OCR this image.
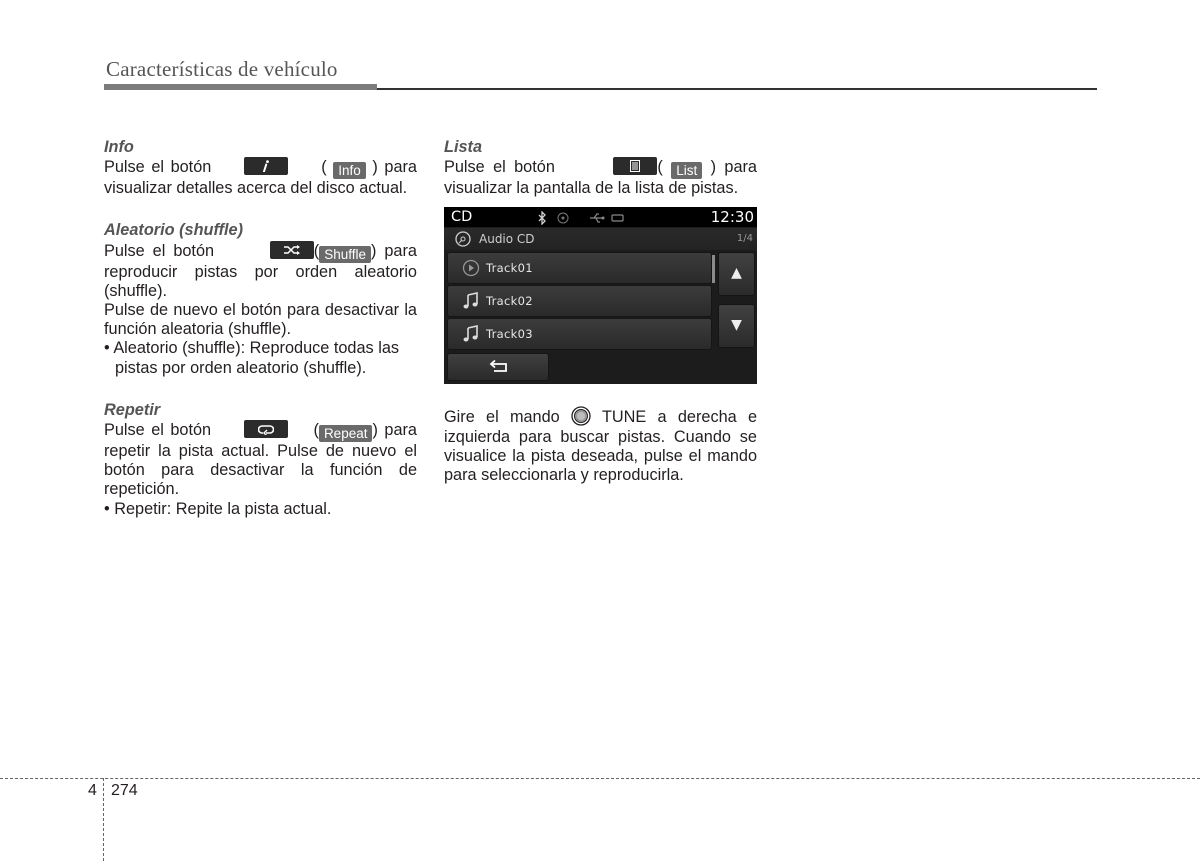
Características de vehículo
Info

Pulse el botón	( Info ) para visualizar detalles acerca del disco actual.

Aleatorio (shuffle)

Pulse el botón	( Shuffle ) para reproducir pistas por orden aleatorio (shuffle).

Pulse de nuevo el botón para desactivar la función aleatoria (shuffle).

• Aleatorio (shuffle): Reproduce todas las pistas por orden aleatorio (shuffle).
Repetir

Pulse el botón	( Repeat ) para repetir la pista actual. Pulse de nuevo el botón para desactivar la función de repetición.

• Repetir: Repite la pista actual.
Lista

Pulse el botón	( List ) para visualizar la pantalla de la lista de pistas.

CD
	12:30
Audio CD	1/4
Track01
Track02
Track03
▲
▼

Gire el mando	TUNE a derecha e izquierda para buscar pistas. Cuando se visualice la pista deseada, pulse el mando para seleccionarla y reproducirla.

4 274
